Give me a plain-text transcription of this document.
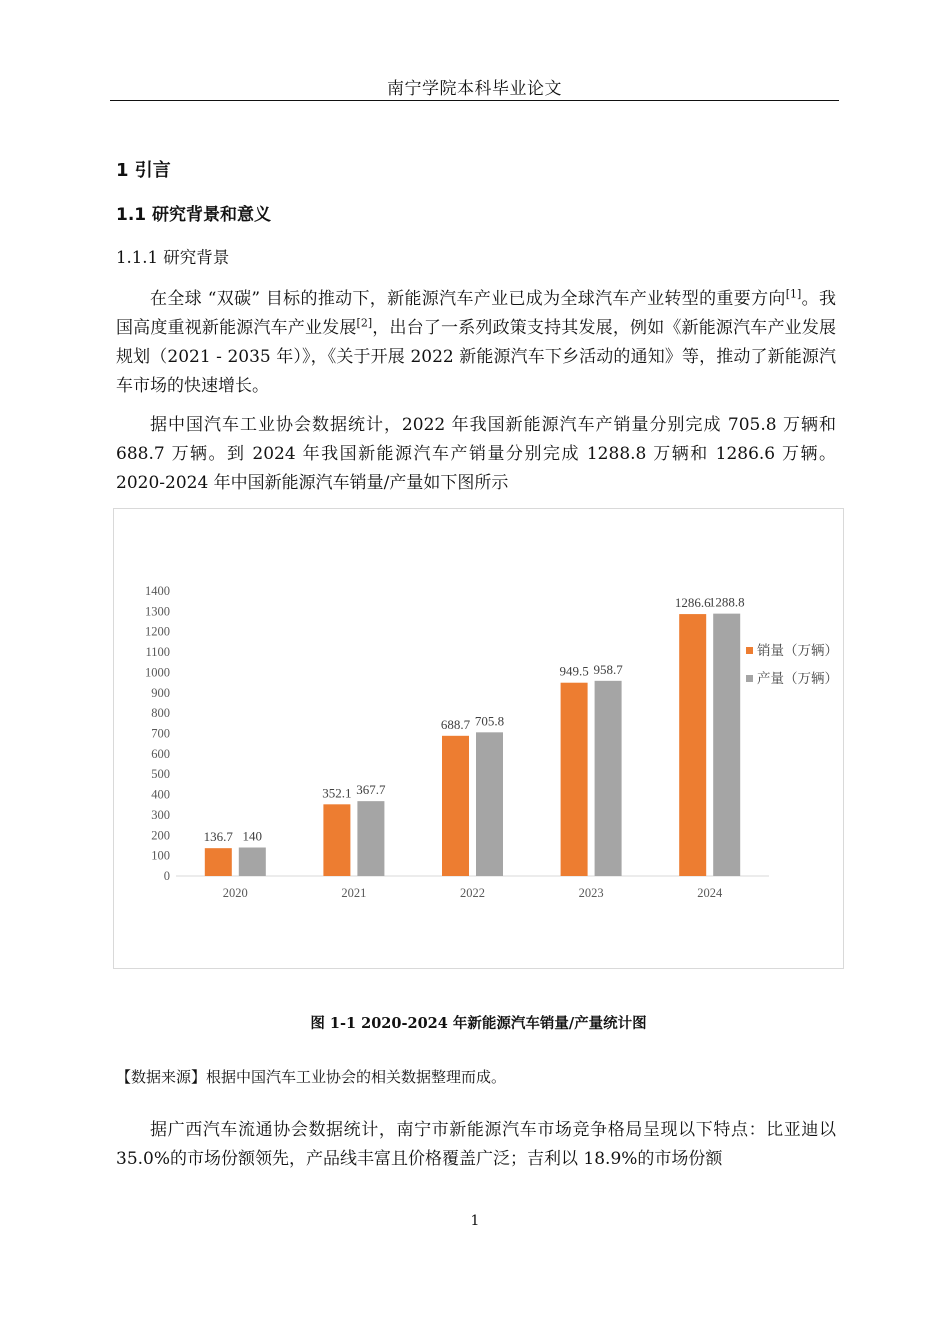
南宁学院本科毕业论文
1 引言
1.1 研究背景和意义
1.1.1 研究背景

在全球 “双碳” 目标的推动下，新能源汽车产业已成为全球汽车产业转型的重要方向[1]。我国高度重视新能源汽车产业发展[2]，出台了一系列政策支持其发展，例如《新能源汽车产业发展规划（2021 - 2035 年）》，《关于开展 2022 新能源汽车下乡活动的通知》等，推动了新能源汽车市场的快速增长。

据中国汽车工业协会数据统计，2022 年我国新能源汽车产销量分别完成 705.8 万辆和 688.7 万辆。到 2024 年我国新能源汽车产销量分别完成 1288.8 万辆和 1286.6 万辆。2020-2024 年中国新能源汽车销量/产量如下图所示

0
100
200
300
400
500
600
700
800
900
1000
1100
1200
1300
1400
136.7 140
2020
352.1 367.7
2021
688.7 705.8
2022
949.5 958.7
2023
1286.6
1288.8
2024
销量（万辆）
产量（万辆）
图 1-1 2020-2024 年新能源汽车销量/产量统计图
【数据来源】根据中国汽车工业协会的相关数据整理而成。

据广西汽车流通协会数据统计，南宁市新能源汽车市场竞争格局呈现以下特点：比亚迪以 35.0%的市场份额领先，产品线丰富且价格覆盖广泛；吉利以 18.9%的市场份额

1
